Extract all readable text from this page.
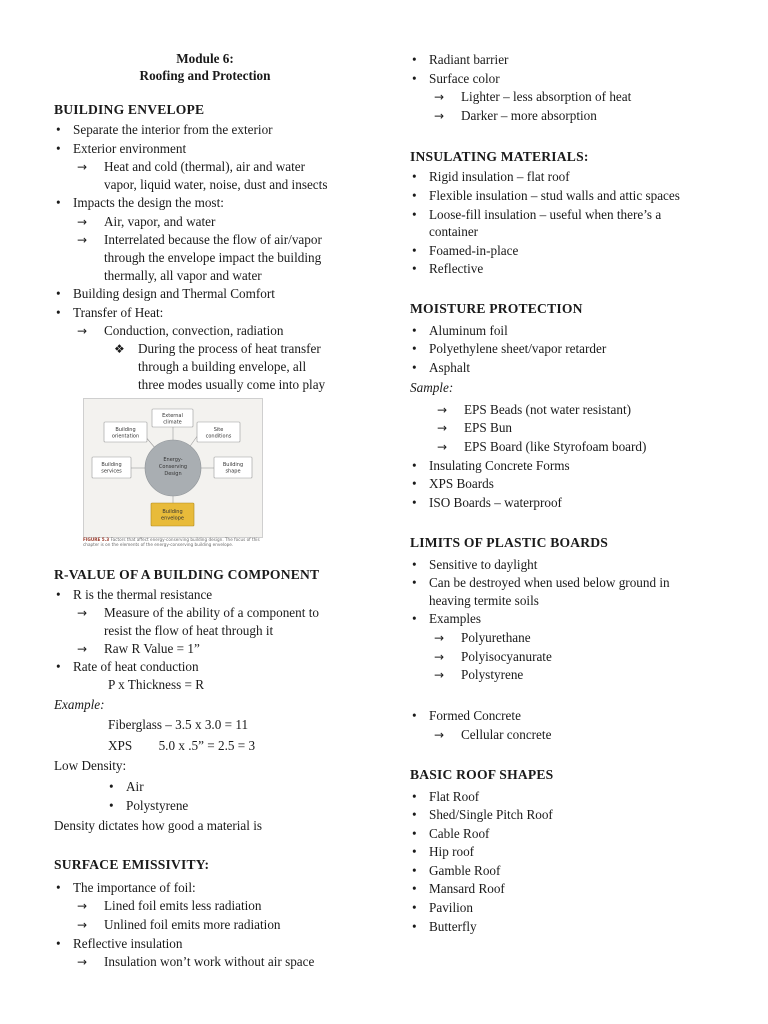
Module 6:
Roofing and Protection
BUILDING ENVELOPE
• Separate the interior from the exterior
• Exterior environment
→ Heat and cold (thermal), air and water
vapor, liquid water, noise, dust and insects
• Impacts the design the most:
→ Air, vapor, and water
→ Interrelated because the flow of air/vapor
through the envelope impact the building
thermally, all vapor and water
• Building design and Thermal Comfort
• Transfer of Heat:
→ Conduction, convection, radiation
❖ During the process of heat transfer
through a building envelope, all
three modes usually come into play
External
climate
Building
orientation
Site
conditions
Building
services
Building
shape
Energy-
Conserving
Design
Building
envelope
FIGURE 5.3 Factors that affect energy-conserving building design. The focus of this chapter is on the elements of the energy-conserving building envelope.
R-VALUE OF A BUILDING COMPONENT
• R is the thermal resistance
→ Measure of the ability of a component to
resist the flow of heat through it
→ Raw R Value = 1”
• Rate of heat conduction
P x Thickness = R
Example:
Fiberglass – 3.5 x 3.0 = 11
XPS        5.0 x .5” = 2.5 = 3
Low Density:
• Air
• Polystyrene
Density dictates how good a material is
SURFACE EMISSIVITY:
• The importance of foil:
→ Lined foil emits less radiation
→ Unlined foil emits more radiation
• Reflective insulation
→ Insulation won’t work without air space
• Radiant barrier
• Surface color
→ Lighter – less absorption of heat
→ Darker – more absorption
INSULATING MATERIALS:
• Rigid insulation – flat roof
• Flexible insulation – stud walls and attic spaces
• Loose-fill insulation – useful when there’s a
container
• Foamed-in-place
• Reflective
MOISTURE PROTECTION
• Aluminum foil
• Polyethylene sheet/vapor retarder
• Asphalt
Sample:
→ EPS Beads (not water resistant)
→ EPS Bun
→ EPS Board (like Styrofoam board)
• Insulating Concrete Forms
• XPS Boards
• ISO Boards – waterproof
LIMITS OF PLASTIC BOARDS
• Sensitive to daylight
• Can be destroyed when used below ground in
heaving termite soils
• Examples
→ Polyurethane
→ Polyisocyanurate
→ Polystyrene
• Formed Concrete
→ Cellular concrete
BASIC ROOF SHAPES
• Flat Roof
• Shed/Single Pitch Roof
• Cable Roof
• Hip roof
• Gamble Roof
• Mansard Roof
• Pavilion
• Butterfly
